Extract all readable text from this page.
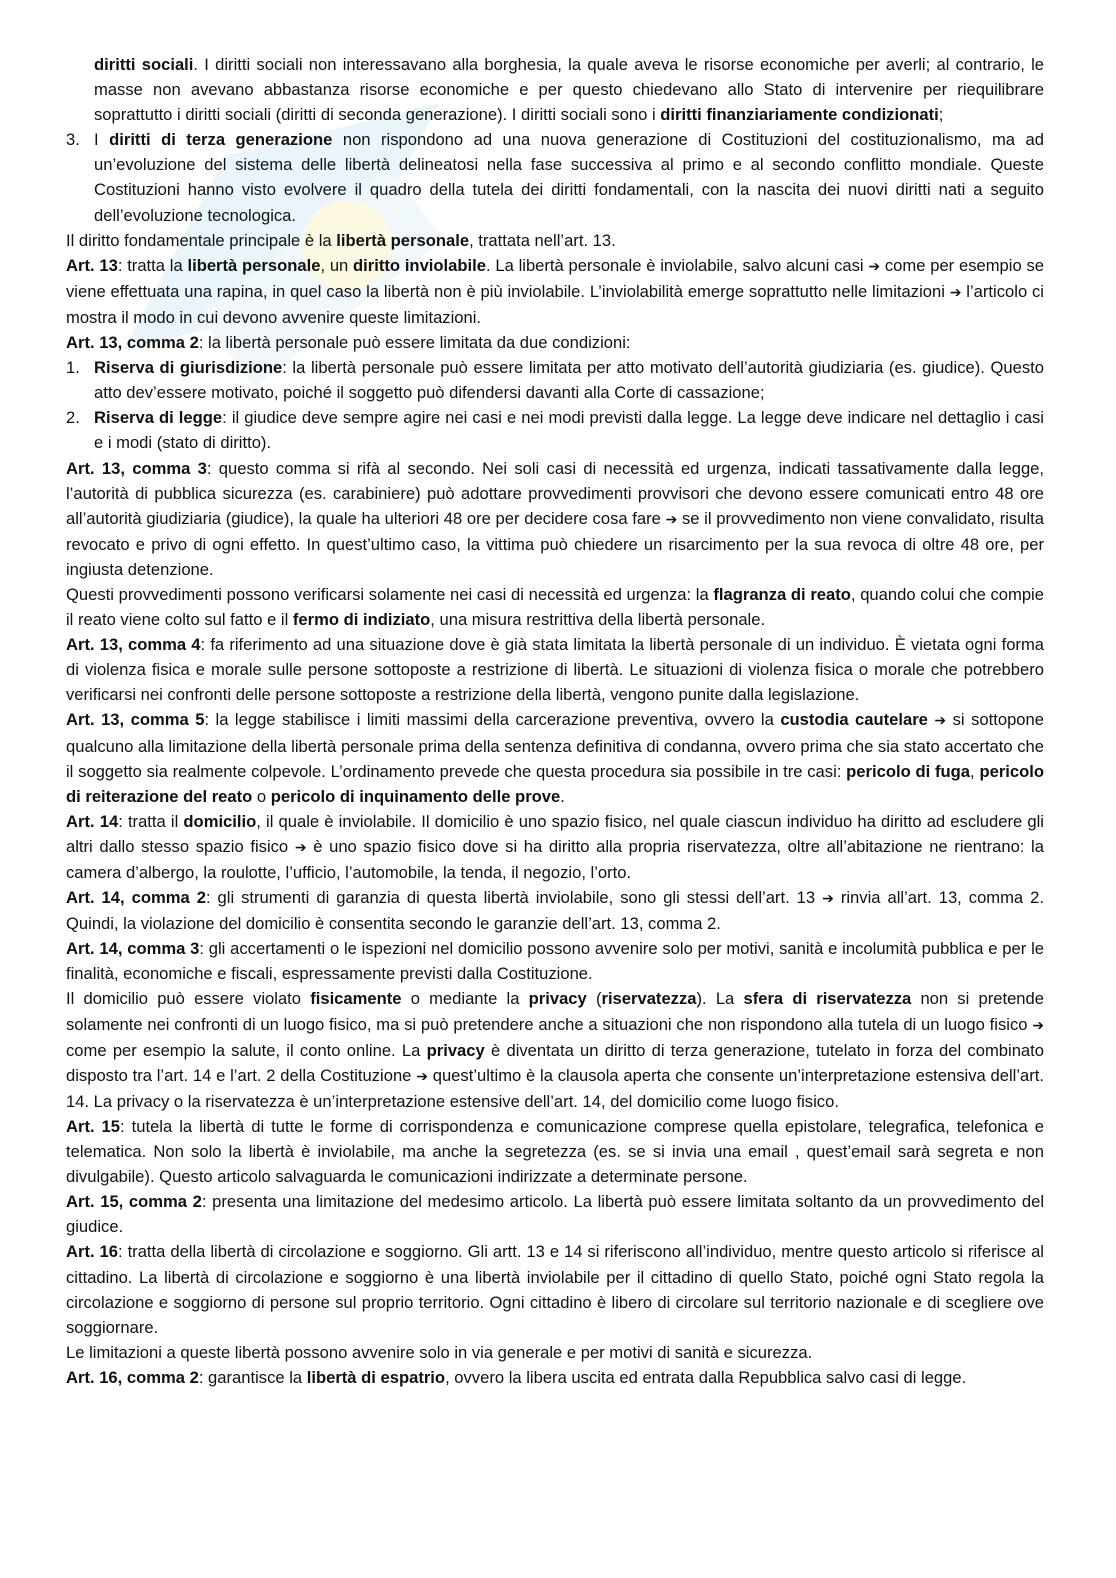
diritti sociali. I diritti sociali non interessavano alla borghesia, la quale aveva le risorse economiche per averli; al contrario, le masse non avevano abbastanza risorse economiche e per questo chiedevano allo Stato di intervenire per riequilibrare soprattutto i diritti sociali (diritti di seconda generazione). I diritti sociali sono i diritti finanziariamente condizionati;

3. I diritti di terza generazione non rispondono ad una nuova generazione di Costituzioni del costituzionalismo, ma ad un’evoluzione del sistema delle libertà delineatosi nella fase successiva al primo e al secondo conflitto mondiale. Queste Costituzioni hanno visto evolvere il quadro della tutela dei diritti fondamentali, con la nascita dei nuovi diritti nati a seguito dell’evoluzione tecnologica.

Il diritto fondamentale principale è la libertà personale, trattata nell’art. 13.

Art. 13: tratta la libertà personale, un diritto inviolabile. La libertà personale è inviolabile, salvo alcuni casi ➔ come per esempio se viene effettuata una rapina, in quel caso la libertà non è più inviolabile. L’inviolabilità emerge soprattutto nelle limitazioni ➔ l’articolo ci mostra il modo in cui devono avvenire queste limitazioni.

Art. 13, comma 2: la libertà personale può essere limitata da due condizioni:

1. Riserva di giurisdizione: la libertà personale può essere limitata per atto motivato dell’autorità giudiziaria (es. giudice). Questo atto dev’essere motivato, poiché il soggetto può difendersi davanti alla Corte di cassazione;
2. Riserva di legge: il giudice deve sempre agire nei casi e nei modi previsti dalla legge. La legge deve indicare nel dettaglio i casi e i modi (stato di diritto).

Art. 13, comma 3: questo comma si rifà al secondo. Nei soli casi di necessità ed urgenza, indicati tassativamente dalla legge, l’autorità di pubblica sicurezza (es. carabiniere) può adottare provvedimenti provvisori che devono essere comunicati entro 48 ore all’autorità giudiziaria (giudice), la quale ha ulteriori 48 ore per decidere cosa fare ➔ se il provvedimento non viene convalidato, risulta revocato e privo di ogni effetto. In quest’ultimo caso, la vittima può chiedere un risarcimento per la sua revoca di oltre 48 ore, per ingiusta detenzione.

Questi provvedimenti possono verificarsi solamente nei casi di necessità ed urgenza: la flagranza di reato, quando colui che compie il reato viene colto sul fatto e il fermo di indiziato, una misura restrittiva della libertà personale.

Art. 13, comma 4: fa riferimento ad una situazione dove è già stata limitata la libertà personale di un individuo. È vietata ogni forma di violenza fisica e morale sulle persone sottoposte a restrizione di libertà. Le situazioni di violenza fisica o morale che potrebbero verificarsi nei confronti delle persone sottoposte a restrizione della libertà, vengono punite dalla legislazione.

Art. 13, comma 5: la legge stabilisce i limiti massimi della carcerazione preventiva, ovvero la custodia cautelare ➔ si sottopone qualcuno alla limitazione della libertà personale prima della sentenza definitiva di condanna, ovvero prima che sia stato accertato che il soggetto sia realmente colpevole. L’ordinamento prevede che questa procedura sia possibile in tre casi: pericolo di fuga, pericolo di reiterazione del reato o pericolo di inquinamento delle prove.

Art. 14: tratta il domicilio, il quale è inviolabile. Il domicilio è uno spazio fisico, nel quale ciascun individuo ha diritto ad escludere gli altri dallo stesso spazio fisico ➔ è uno spazio fisico dove si ha diritto alla propria riservatezza, oltre all’abitazione ne rientrano: la camera d’albergo, la roulotte, l’ufficio, l’automobile, la tenda, il negozio, l’orto.

Art. 14, comma 2: gli strumenti di garanzia di questa libertà inviolabile, sono gli stessi dell’art. 13 ➔ rinvia all’art. 13, comma 2. Quindi, la violazione del domicilio è consentita secondo le garanzie dell’art. 13, comma 2.

Art. 14, comma 3: gli accertamenti o le ispezioni nel domicilio possono avvenire solo per motivi, sanità e incolumità pubblica e per le finalità, economiche e fiscali, espressamente previsti dalla Costituzione.

Il domicilio può essere violato fisicamente o mediante la privacy (riservatezza). La sfera di riservatezza non si pretende solamente nei confronti di un luogo fisico, ma si può pretendere anche a situazioni che non rispondono alla tutela di un luogo fisico ➔ come per esempio la salute, il conto online. La privacy è diventata un diritto di terza generazione, tutelato in forza del combinato disposto tra l’art. 14 e l’art. 2 della Costituzione ➔ quest’ultimo è la clausola aperta che consente un’interpretazione estensiva dell’art. 14. La privacy o la riservatezza è un’interpretazione estensive dell’art. 14, del domicilio come luogo fisico.

Art. 15: tutela la libertà di tutte le forme di corrispondenza e comunicazione comprese quella epistolare, telegrafica, telefonica e telematica. Non solo la libertà è inviolabile, ma anche la segretezza (es. se si invia una email , quest’email sarà segreta e non divulgabile). Questo articolo salvaguarda le comunicazioni indirizzate a determinate persone.

Art. 15, comma 2: presenta una limitazione del medesimo articolo. La libertà può essere limitata soltanto da un provvedimento del giudice.

Art. 16: tratta della libertà di circolazione e soggiorno. Gli artt. 13 e 14 si riferiscono all’individuo, mentre questo articolo si riferisce al cittadino. La libertà di circolazione e soggiorno è una libertà inviolabile per il cittadino di quello Stato, poiché ogni Stato regola la circolazione e soggiorno di persone sul proprio territorio. Ogni cittadino è libero di circolare sul territorio nazionale e di scegliere ove soggiornare.

Le limitazioni a queste libertà possono avvenire solo in via generale e per motivi di sanità e sicurezza.

Art. 16, comma 2: garantisce la libertà di espatrio, ovvero la libera uscita ed entrata dalla Repubblica salvo casi di legge.
